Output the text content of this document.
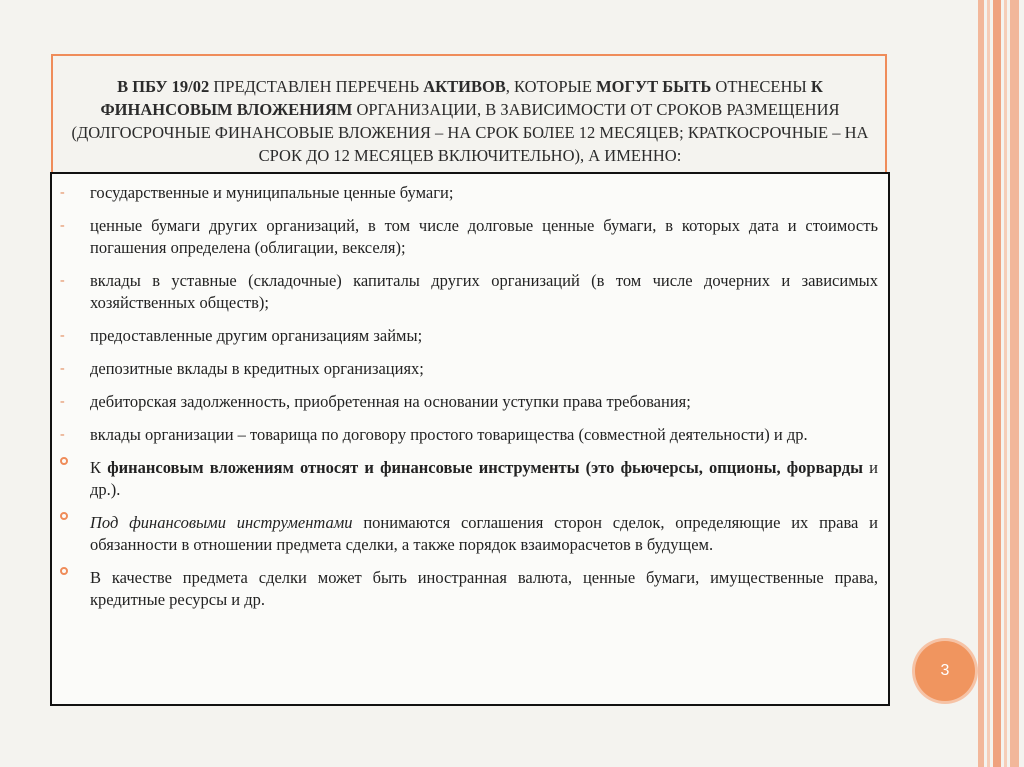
В ПБУ 19/02 ПРЕДСТАВЛЕН ПЕРЕЧЕНЬ АКТИВОВ, КОТОРЫЕ МОГУТ БЫТЬ ОТНЕСЕНЫ К ФИНАНСОВЫМ ВЛОЖЕНИЯМ ОРГАНИЗАЦИИ, В ЗАВИСИМОСТИ ОТ СРОКОВ РАЗМЕЩЕНИЯ (ДОЛГОСРОЧНЫЕ ФИНАНСОВЫЕ ВЛОЖЕНИЯ – НА СРОК БОЛЕЕ 12 МЕСЯЦЕВ; КРАТКОСРОЧНЫЕ – НА СРОК ДО 12 МЕСЯЦЕВ ВКЛЮЧИТЕЛЬНО), А ИМЕННО:
- государственные и муниципальные ценные бумаги;
- ценные бумаги других организаций, в том числе долговые ценные бумаги, в которых дата и стоимость погашения определена (облигации, векселя);
- вклады в уставные (складочные) капиталы других организаций (в том числе дочерних и зависимых хозяйственных обществ);
- предоставленные другим организациям займы;
- депозитные вклады в кредитных организациях;
- дебиторская задолженность, приобретенная на основании уступки права требования;
- вклады организации – товарища по договору простого товарищества (совместной деятельности) и др.
К финансовым вложениям относят и финансовые инструменты (это фьючерсы, опционы, форварды и др.).
Под финансовыми инструментами понимаются соглашения сторон сделок, определяющие их права и обязанности в отношении предмета сделки, а также порядок взаиморасчетов в будущем.
В качестве предмета сделки может быть иностранная валюта, ценные бумаги, имущественные права, кредитные ресурсы и др.
3
